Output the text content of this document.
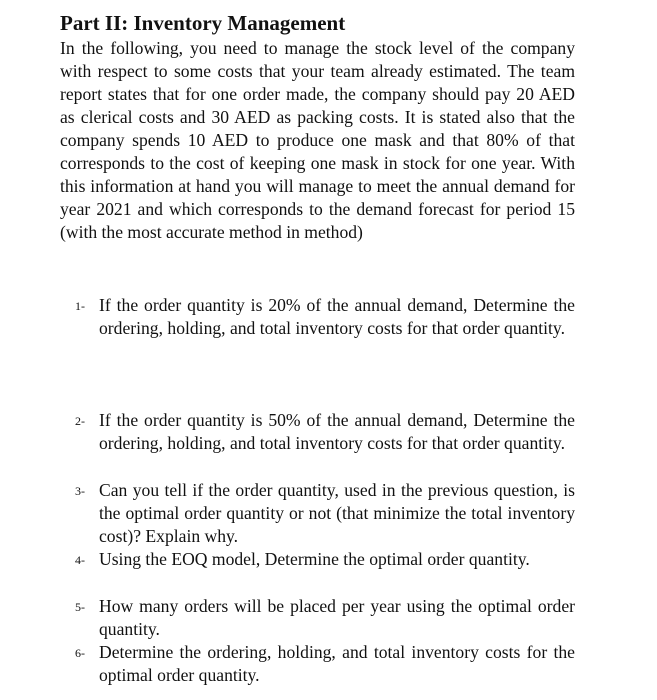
Part II: Inventory Management

In the following, you need to manage the stock level of the company with respect to some costs that your team already estimated. The team report states that for one order made, the company should pay 20 AED as clerical costs and 30 AED as packing costs. It is stated also that the company spends 10 AED to produce one mask and that 80% of that corresponds to the cost of keeping one mask in stock for one year. With this information at hand you will manage to meet the annual demand for year 2021 and which corresponds to the demand forecast for period 15 (with the most accurate method in method)

1- If the order quantity is 20% of the annual demand, Determine the ordering, holding, and total inventory costs for that order quantity.
2- If the order quantity is 50% of the annual demand, Determine the ordering, holding, and total inventory costs for that order quantity.
3- Can you tell if the order quantity, used in the previous question, is the optimal order quantity or not (that minimize the total inventory cost)? Explain why.
4- Using the EOQ model, Determine the optimal order quantity.
5- How many orders will be placed per year using the optimal order quantity.
6- Determine the ordering, holding, and total inventory costs for the optimal order quantity.
